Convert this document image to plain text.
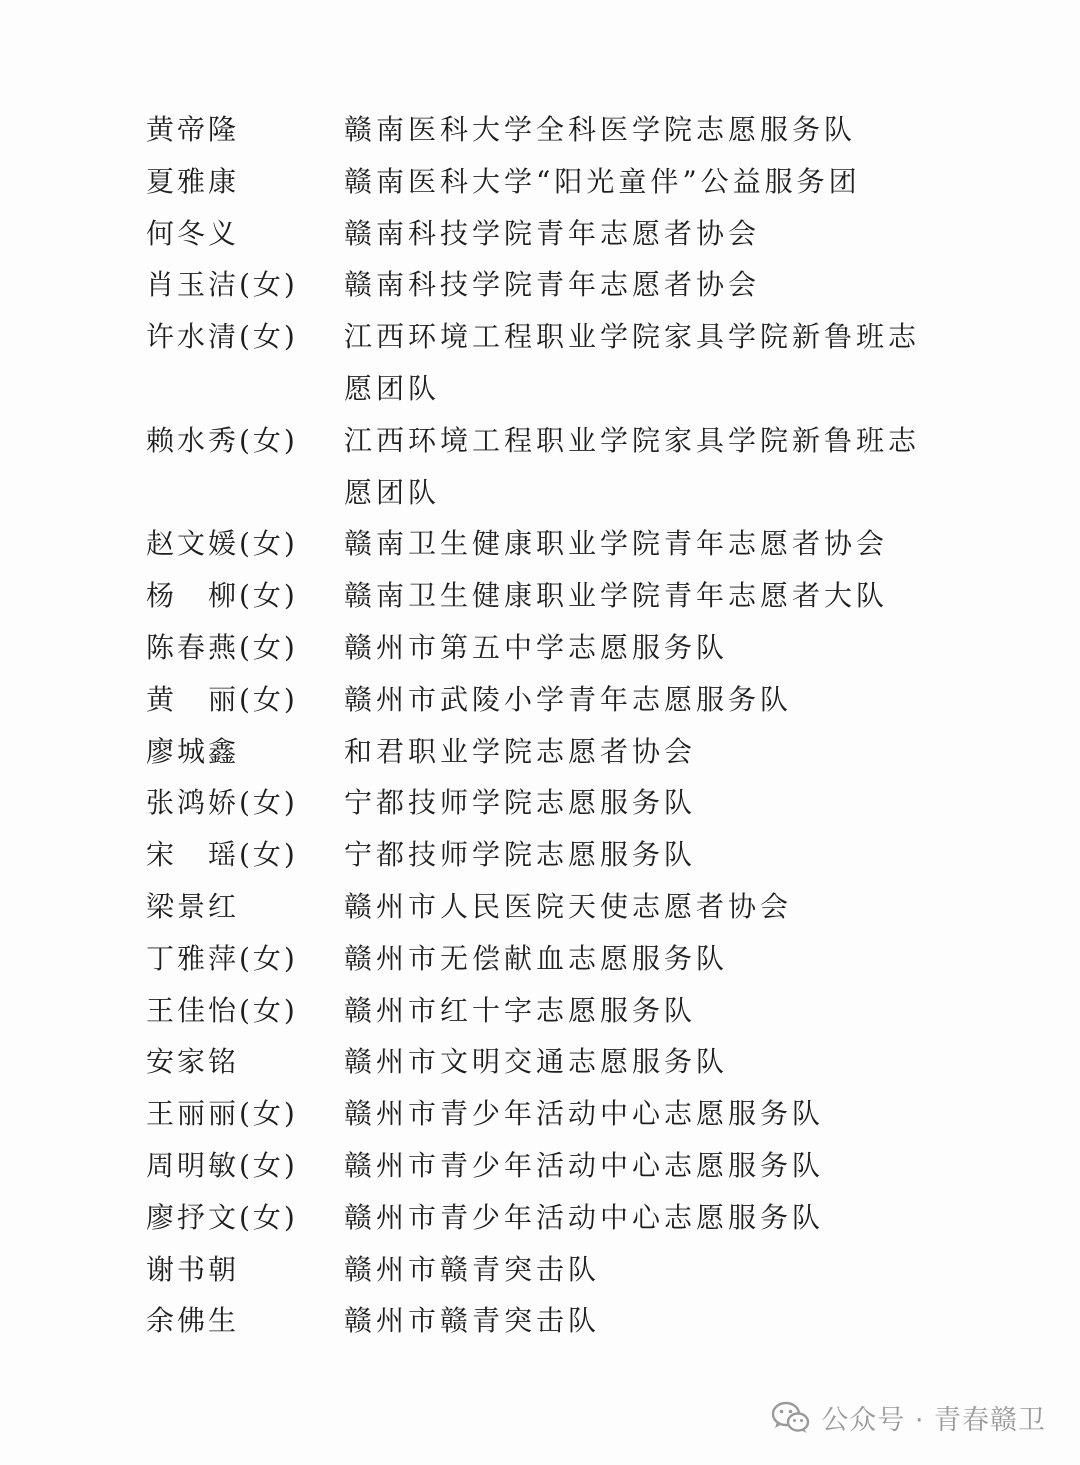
黄帝隆	赣南医科大学全科医学院志愿服务队
夏雅康	赣南医科大学“阳光童伴”公益服务团
何冬义	赣南科技学院青年志愿者协会
肖玉洁(女)	赣南科技学院青年志愿者协会
许水清(女)	江西环境工程职业学院家具学院新鲁班志愿团队
赖水秀(女)	江西环境工程职业学院家具学院新鲁班志愿团队
赵文媛(女)	赣南卫生健康职业学院青年志愿者协会
杨　柳(女)	赣南卫生健康职业学院青年志愿者大队
陈春燕(女)	赣州市第五中学志愿服务队
黄　丽(女)	赣州市武陵小学青年志愿服务队
廖城鑫	和君职业学院志愿者协会
张鸿娇(女)	宁都技师学院志愿服务队
宋　瑶(女)	宁都技师学院志愿服务队
梁景红	赣州市人民医院天使志愿者协会
丁雅萍(女)	赣州市无偿献血志愿服务队
王佳怡(女)	赣州市红十字志愿服务队
安家铭	赣州市文明交通志愿服务队
王丽丽(女)	赣州市青少年活动中心志愿服务队
周明敏(女)	赣州市青少年活动中心志愿服务队
廖抒文(女)	赣州市青少年活动中心志愿服务队
谢书朝	赣州市赣青突击队
余佛生	赣州市赣青突击队
公众号 · 青春赣卫
